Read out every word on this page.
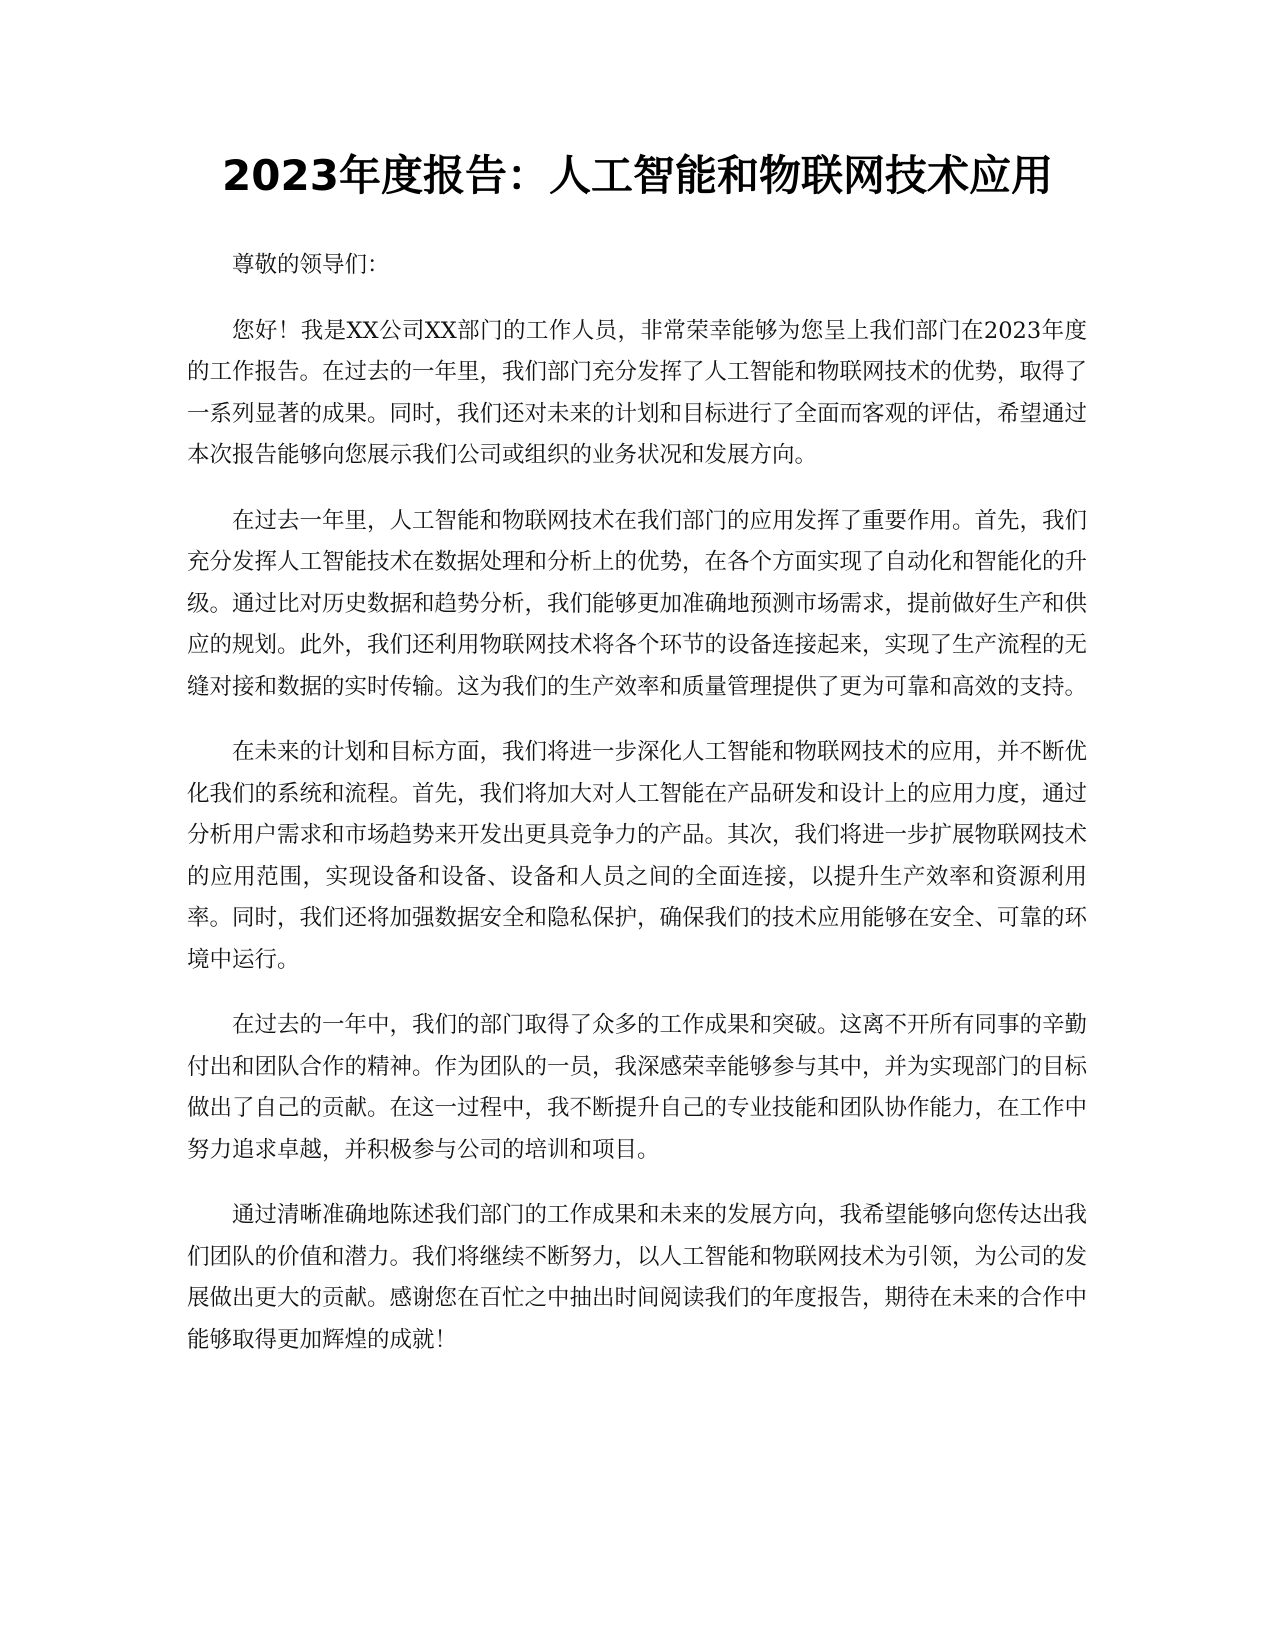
2023年度报告：人工智能和物联网技术应用

尊敬的领导们：

您好！我是XX公司XX部门的工作人员，非常荣幸能够为您呈上我们部门在2023年度的工作报告。在过去的一年里，我们部门充分发挥了人工智能和物联网技术的优势，取得了一系列显著的成果。同时，我们还对未来的计划和目标进行了全面而客观的评估，希望通过本次报告能够向您展示我们公司或组织的业务状况和发展方向。

在过去一年里，人工智能和物联网技术在我们部门的应用发挥了重要作用。首先，我们充分发挥人工智能技术在数据处理和分析上的优势，在各个方面实现了自动化和智能化的升级。通过比对历史数据和趋势分析，我们能够更加准确地预测市场需求，提前做好生产和供应的规划。此外，我们还利用物联网技术将各个环节的设备连接起来，实现了生产流程的无缝对接和数据的实时传输。这为我们的生产效率和质量管理提供了更为可靠和高效的支持。

在未来的计划和目标方面，我们将进一步深化人工智能和物联网技术的应用，并不断优化我们的系统和流程。首先，我们将加大对人工智能在产品研发和设计上的应用力度，通过分析用户需求和市场趋势来开发出更具竞争力的产品。其次，我们将进一步扩展物联网技术的应用范围，实现设备和设备、设备和人员之间的全面连接，以提升生产效率和资源利用率。同时，我们还将加强数据安全和隐私保护，确保我们的技术应用能够在安全、可靠的环境中运行。

在过去的一年中，我们的部门取得了众多的工作成果和突破。这离不开所有同事的辛勤付出和团队合作的精神。作为团队的一员，我深感荣幸能够参与其中，并为实现部门的目标做出了自己的贡献。在这一过程中，我不断提升自己的专业技能和团队协作能力，在工作中努力追求卓越，并积极参与公司的培训和项目。

通过清晰准确地陈述我们部门的工作成果和未来的发展方向，我希望能够向您传达出我们团队的价值和潜力。我们将继续不断努力，以人工智能和物联网技术为引领，为公司的发展做出更大的贡献。感谢您在百忙之中抽出时间阅读我们的年度报告，期待在未来的合作中能够取得更加辉煌的成就！
